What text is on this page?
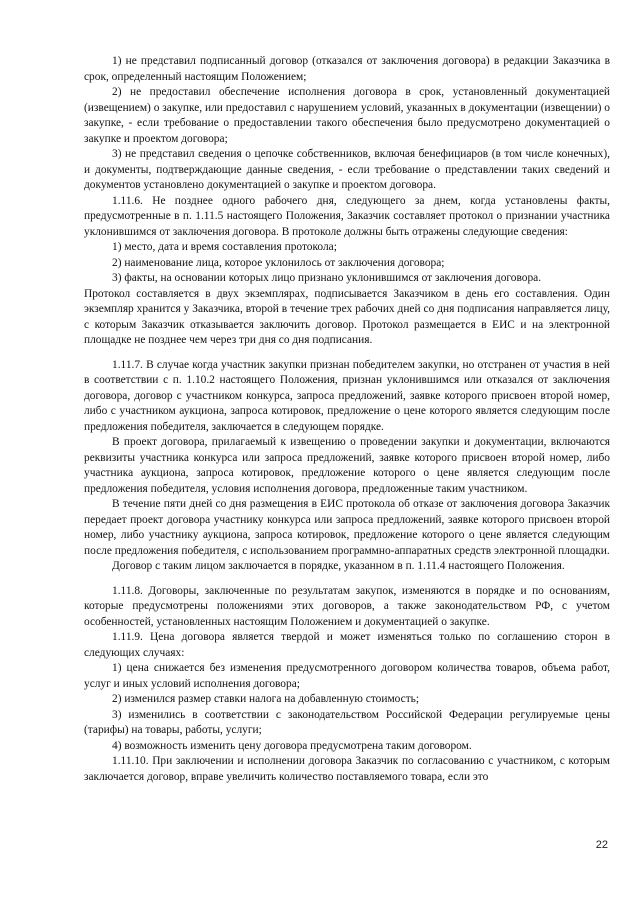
1) не представил подписанный договор (отказался от заключения договора) в редакции Заказчика в срок, определенный настоящим Положением;

2) не предоставил обеспечение исполнения договора в срок, установленный документацией (извещением) о закупке, или предоставил с нарушением условий, указанных в документации (извещении) о закупке, - если требование о предоставлении такого обеспечения было предусмотрено документацией о закупке и проектом договора;

3) не представил сведения о цепочке собственников, включая бенефициаров (в том числе конечных), и документы, подтверждающие данные сведения, - если требование о представлении таких сведений и документов установлено документацией о закупке и проектом договора.

1.11.6. Не позднее одного рабочего дня, следующего за днем, когда установлены факты, предусмотренные в п. 1.11.5 настоящего Положения, Заказчик составляет протокол о признании участника уклонившимся от заключения договора. В протоколе должны быть отражены следующие сведения:

1) место, дата и время составления протокола;

2) наименование лица, которое уклонилось от заключения договора;

3) факты, на основании которых лицо признано уклонившимся от заключения договора.

Протокол составляется в двух экземплярах, подписывается Заказчиком в день его составления. Один экземпляр хранится у Заказчика, второй в течение трех рабочих дней со дня подписания направляется лицу, с которым Заказчик отказывается заключить договор. Протокол размещается в ЕИС и на электронной площадке не позднее чем через три дня со дня подписания.

1.11.7. В случае когда участник закупки признан победителем закупки, но отстранен от участия в ней в соответствии с п. 1.10.2 настоящего Положения, признан уклонившимся или отказался от заключения договора, договор с участником конкурса, запроса предложений, заявке которого присвоен второй номер, либо с участником аукциона, запроса котировок, предложение о цене которого является следующим после предложения победителя, заключается в следующем порядке.

В проект договора, прилагаемый к извещению о проведении закупки и документации, включаются реквизиты участника конкурса или запроса предложений, заявке которого присвоен второй номер, либо участника аукциона, запроса котировок, предложение которого о цене является следующим после предложения победителя, условия исполнения договора, предложенные таким участником.

В течение пяти дней со дня размещения в ЕИС протокола об отказе от заключения договора Заказчик передает проект договора участнику конкурса или запроса предложений, заявке которого присвоен второй номер, либо участнику аукциона, запроса котировок, предложение которого о цене является следующим после предложения победителя, с использованием программно-аппаратных средств электронной площадки.

Договор с таким лицом заключается в порядке, указанном в п. 1.11.4 настоящего Положения.

1.11.8. Договоры, заключенные по результатам закупок, изменяются в порядке и по основаниям, которые предусмотрены положениями этих договоров, а также законодательством РФ, с учетом особенностей, установленных настоящим Положением и документацией о закупке.

1.11.9. Цена договора является твердой и может изменяться только по соглашению сторон в следующих случаях:

1) цена снижается без изменения предусмотренного договором количества товаров, объема работ, услуг и иных условий исполнения договора;

2) изменился размер ставки налога на добавленную стоимость;

3) изменились в соответствии с законодательством Российской Федерации регулируемые цены (тарифы) на товары, работы, услуги;

4) возможность изменить цену договора предусмотрена таким договором.

1.11.10. При заключении и исполнении договора Заказчик по согласованию с участником, с которым заключается договор, вправе увеличить количество поставляемого товара, если это

22
